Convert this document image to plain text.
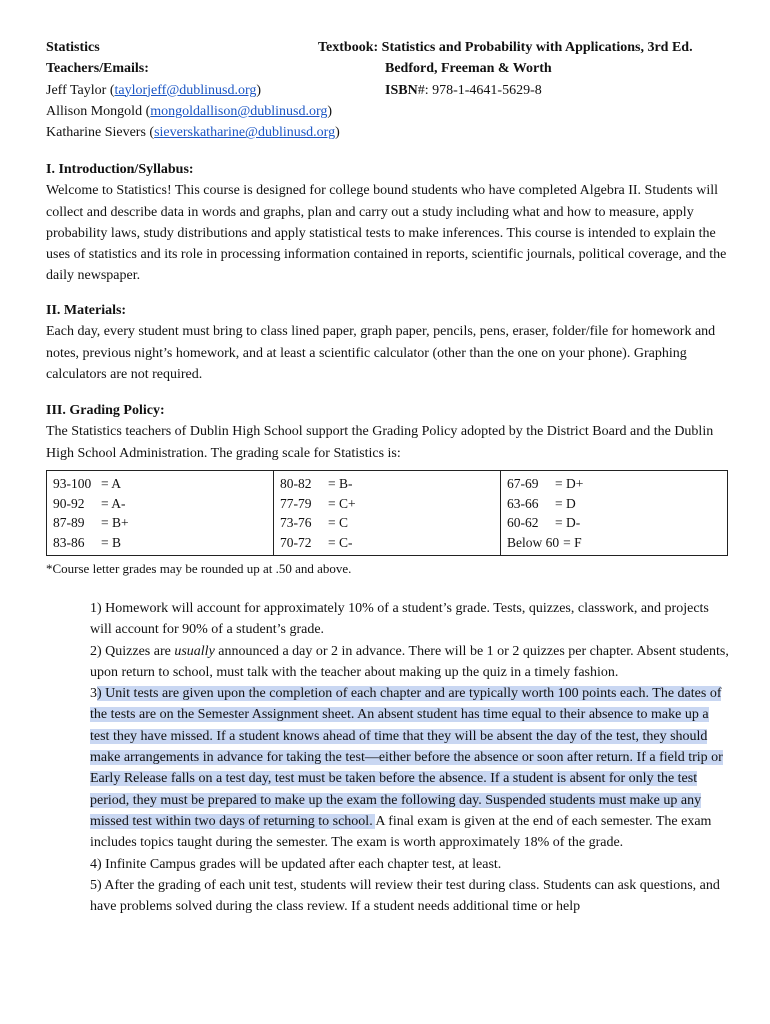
Statistics
Teachers/Emails:
Jeff Taylor (taylorjeff@dublinusd.org)
Allison Mongold (mongoldallison@dublinusd.org)
Katharine Sievers (sieverskatharine@dublinusd.org)
Textbook: Statistics and Probability with Applications, 3rd Ed.
Bedford, Freeman & Worth
ISBN#: 978-1-4641-5629-8

I. Introduction/Syllabus:

Welcome to Statistics! This course is designed for college bound students who have completed Algebra II. Students will collect and describe data in words and graphs, plan and carry out a study including what and how to measure, apply probability laws, study distributions and apply statistical tests to make inferences. This course is intended to explain the uses of statistics and its role in processing information contained in reports, scientific journals, political coverage, and the daily newspaper.

II. Materials:

Each day, every student must bring to class lined paper, graph paper, pencils, pens, eraser, folder/file for homework and notes, previous night’s homework, and at least a scientific calculator (other than the one on your phone). Graphing calculators are not required.

III. Grading Policy:

The Statistics teachers of Dublin High School support the Grading Policy adopted by the District Board and the Dublin High School Administration. The grading scale for Statistics is:

93-100 = A
90-92	= A-
87-89	= B+
83-86	= B

80-82	= B-
77-79	= C+
73-76	= C
70-72	= C-

67-69	= D+
63-66	= D
60-62	= D-
Below 60 = F
*Course letter grades may be rounded up at .50 and above.

1) Homework will account for approximately 10% of a student’s grade. Tests, quizzes, classwork, and projects will account for 90% of a student’s grade.

2) Quizzes are usually announced a day or 2 in advance. There will be 1 or 2 quizzes per chapter. Absent students, upon return to school, must talk with the teacher about making up the quiz in a timely fashion.

3) Unit tests are given upon the completion of each chapter and are typically worth 100 points each. The dates of the tests are on the Semester Assignment sheet. An absent student has time equal to their absence to make up a test they have missed. If a student knows ahead of time that they will be absent the day of the test, they should make arrangements in advance for taking the test—either before the absence or soon after return. If a field trip or Early Release falls on a test day, test must be taken before the absence. If a student is absent for only the test period, they must be prepared to make up the exam the following day. Suspended students must make up any missed test within two days of returning to school. A final exam is given at the end of each semester. The exam includes topics taught during the semester. The exam is worth approximately 18% of the grade.

4) Infinite Campus grades will be updated after each chapter test, at least.

5) After the grading of each unit test, students will review their test during class. Students can ask questions, and have problems solved during the class review. If a student needs additional time or help
